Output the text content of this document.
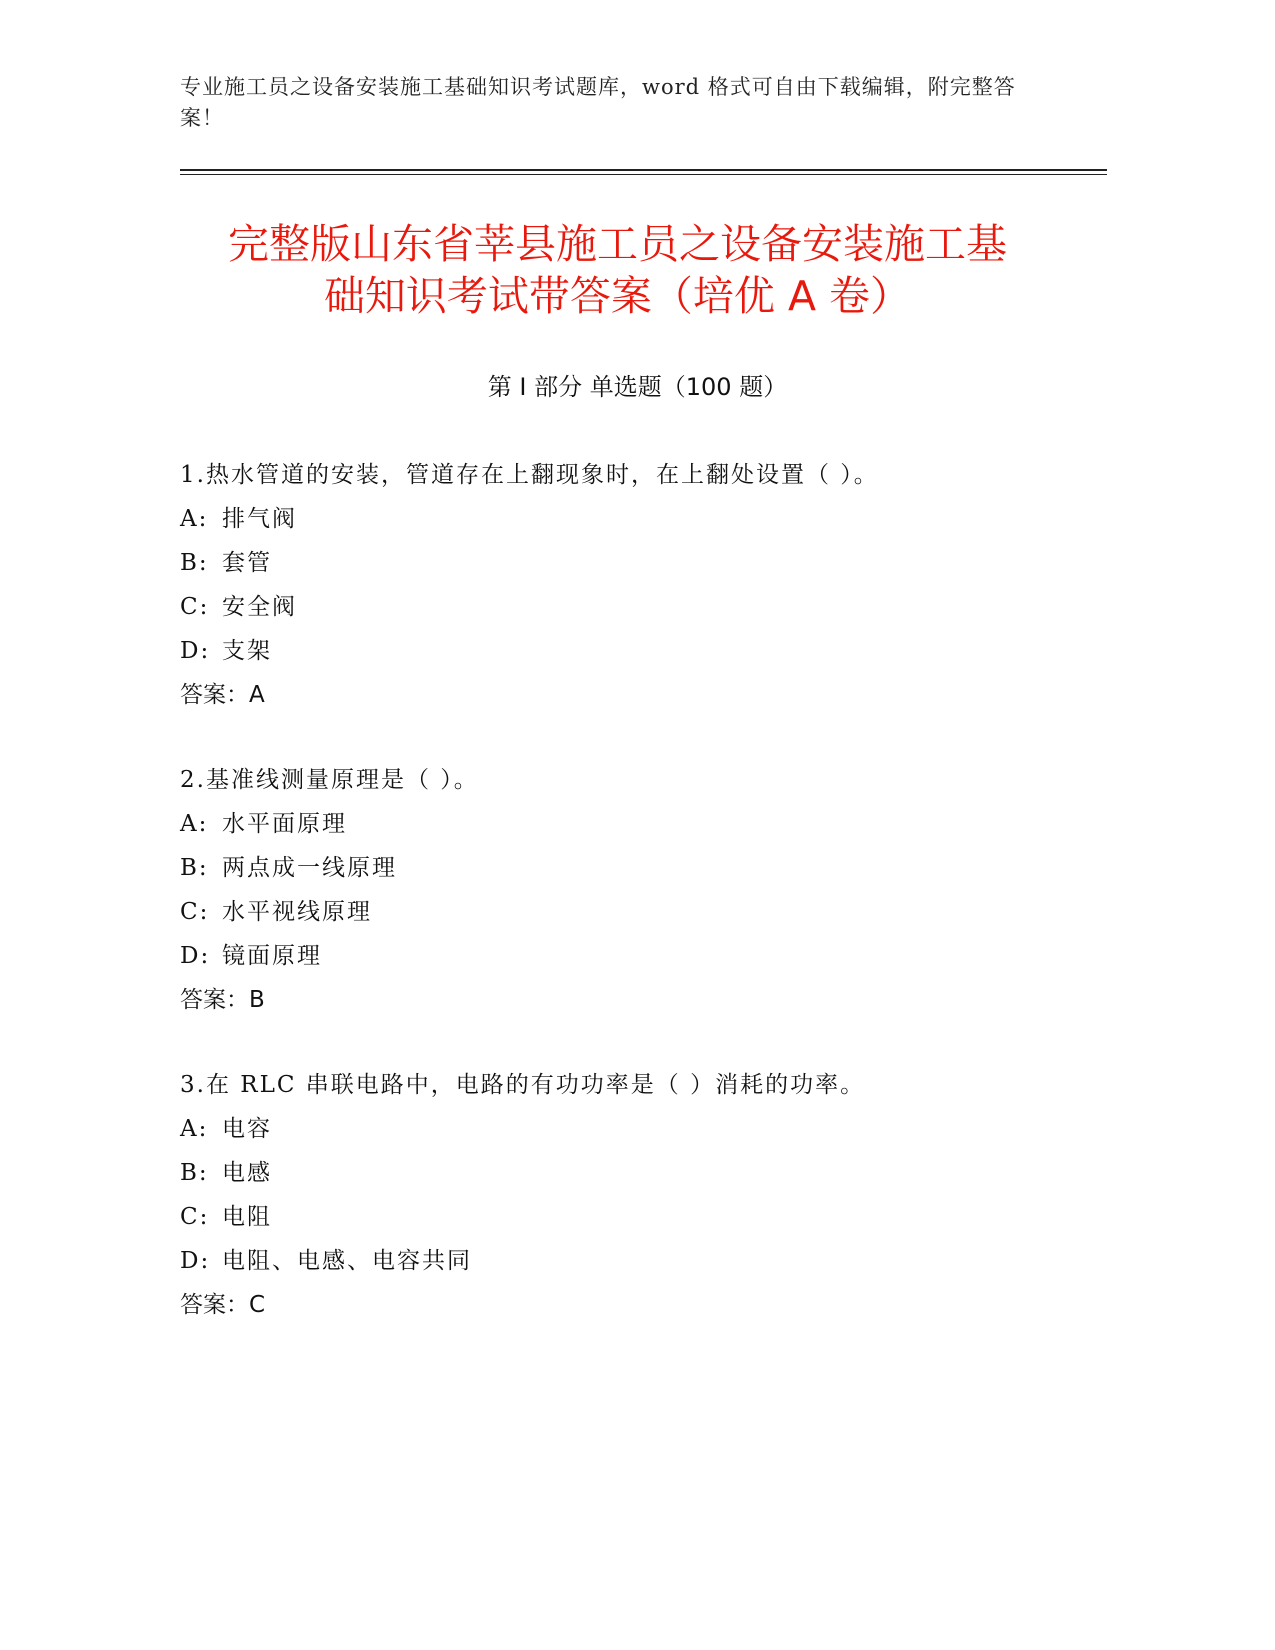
专业施工员之设备安装施工基础知识考试题库，word 格式可自由下载编辑，附完整答案！
完整版山东省莘县施工员之设备安装施工基
础知识考试带答案（培优 A 卷）
第 I 部分 单选题（100 题）
1.热水管道的安装，管道存在上翻现象时，在上翻处设置（ ）。
A: 排气阀
B: 套管
C: 安全阀
D: 支架
答案：A
2.基准线测量原理是（ ）。
A: 水平面原理
B: 两点成一线原理
C: 水平视线原理
D: 镜面原理
答案：B
3.在 RLC 串联电路中，电路的有功功率是（ ）消耗的功率。
A: 电容
B: 电感
C: 电阻
D: 电阻、电感、电容共同
答案：C
